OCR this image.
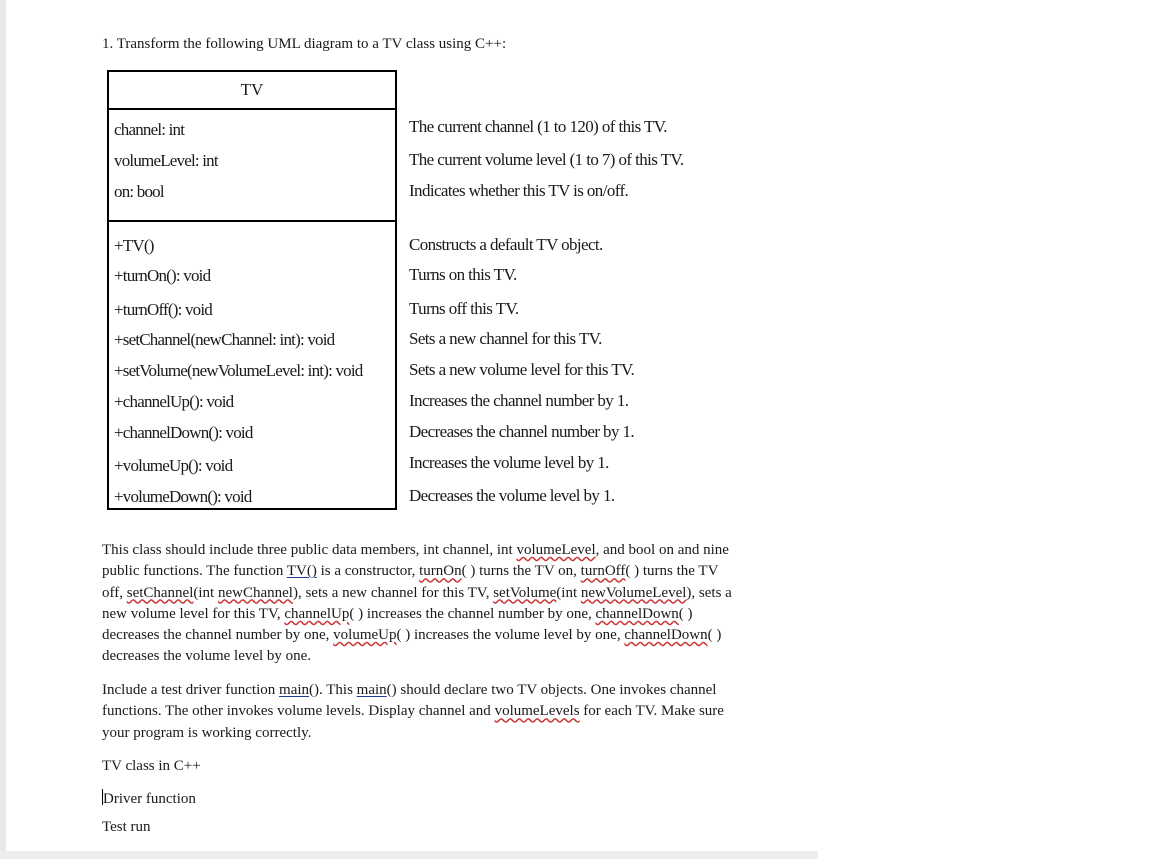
1. Transform the following UML diagram to a TV class using C++:
TV
channel: int
volumeLevel: int
on: bool
+TV()
+turnOn(): void
+turnOff(): void
+setChannel(newChannel: int): void
+setVolume(newVolumeLevel: int): void
+channelUp(): void
+channelDown(): void
+volumeUp(): void
+volumeDown(): void
The current channel (1 to 120) of this TV.
The current volume level (1 to 7) of this TV.
Indicates whether this TV is on/off.
Constructs a default TV object.
Turns on this TV.
Turns off this TV.
Sets a new channel for this TV.
Sets a new volume level for this TV.
Increases the channel number by 1.
Decreases the channel number by 1.
Increases the volume level by 1.
Decreases the volume level by 1.
This class should include three public data members, int channel, int volumeLevel, and bool on and nine public functions. The function TV() is a constructor, turnOn( ) turns the TV on, turnOff( ) turns the TV off, setChannel(int newChannel), sets a new channel for this TV, setVolume(int newVolumeLevel), sets a new volume level for this TV, channelUp( ) increases the channel number by one, channelDown( ) decreases the channel number by one, volumeUp( ) increases the volume level by one, channelDown( ) decreases the volume level by one.
Include a test driver function main(). This main() should declare two TV objects. One invokes channel functions. The other invokes volume levels. Display channel and volumeLevels for each TV. Make sure your program is working correctly.
TV class in C++
Driver function
Test run
